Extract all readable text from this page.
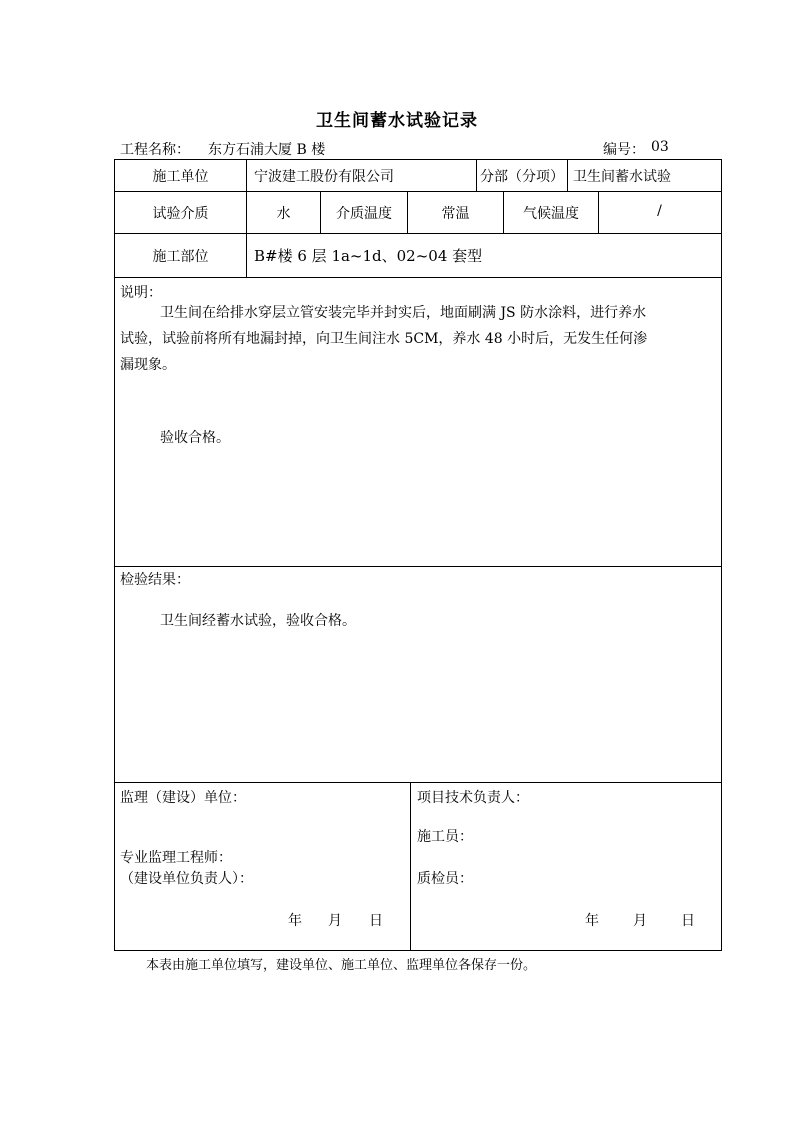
卫生间蓄水试验记录
工程名称： 东方石浦大厦 B 楼	编号： 03
施工单位	宁波建工股份有限公司	分部（分项） 卫生间蓄水试验
试验介质	水	介质温度	常温	气候温度	/
施工部位	B#楼 6 层 1a~1d、02~04 套型
说明：
卫生间在给排水穿层立管安装完毕并封实后，地面刷满 JS 防水涂料，进行养水
试验，试验前将所有地漏封掉，向卫生间注水 5CM，养水 48 小时后，无发生任何渗
漏现象。
验收合格。
检验结果：
卫生间经蓄水试验，验收合格。
监理（建设）单位：
专业监理工程师：
（建设单位负责人）：
年 月 日
项目技术负责人：
施工员：
质检员：
年 月 日
本表由施工单位填写，建设单位、施工单位、监理单位各保存一份。
